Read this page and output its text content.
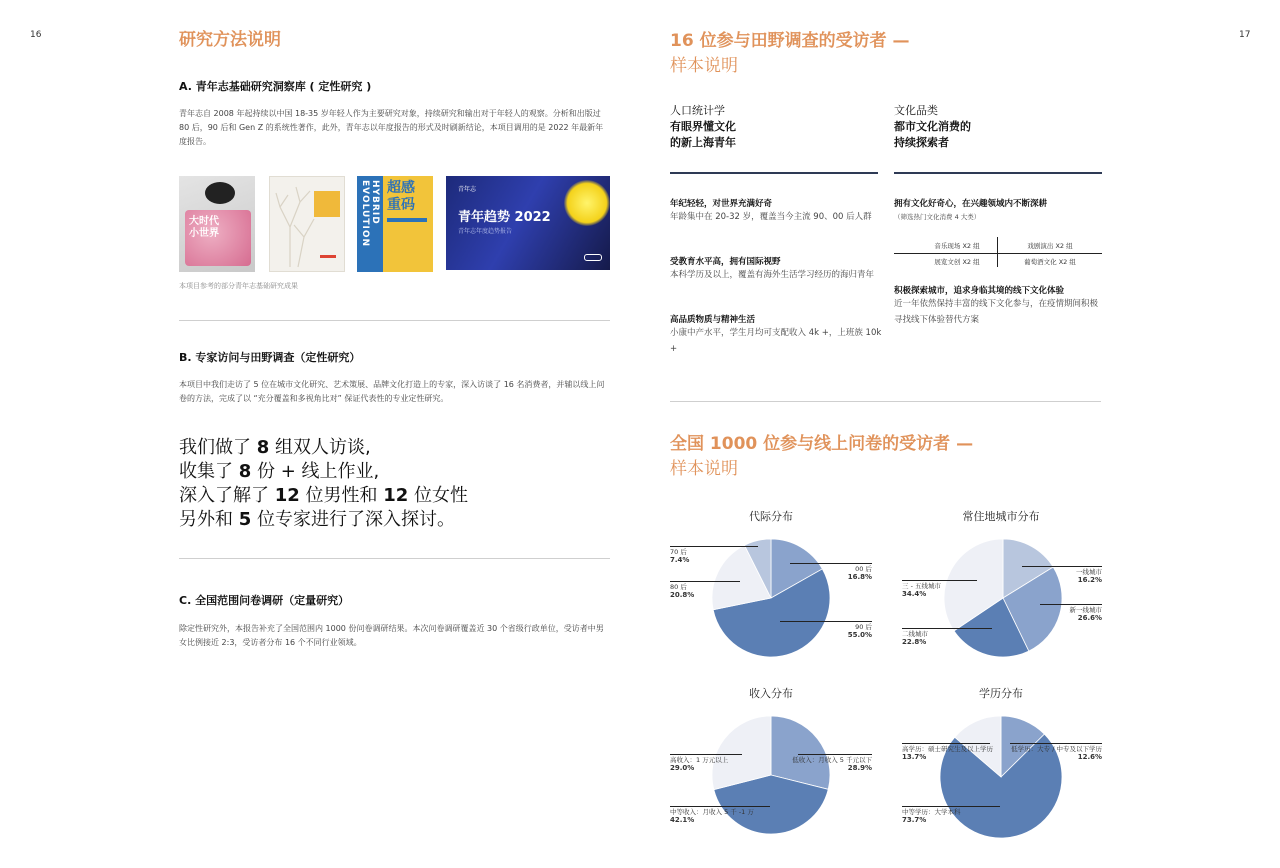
16	研究方法说明
A. 青年志基础研究洞察库 ( 定性研究 )
青年志自 2008 年起持续以中国 18-35 岁年轻人作为主要研究对象，持续研究和输出对于年轻人的观察。分析和出版过 80 后，90 后和 Gen Z 的系统性著作，此外，青年志以年度报告的形式及时刷新结论，本项目调用的是 2022 年最新年度报告。
大时代 小世界
HYBRID EVOLUTION	超感 重码
青年志
青年趋势 2022
青年志年度趋势报告
本项目参考的部分青年志基础研究成果
B. 专家访问与田野调查（定性研究）
本项目中我们走访了 5 位在城市文化研究、艺术策展、品牌文化打造上的专家，深入访谈了 16 名消费者，并辅以线上问卷的方法，完成了以 “充分覆盖和多视角比对” 保证代表性的专业定性研究。
我们做了 8 组双人访谈,
收集了 8 份 + 线上作业,
深入了解了 12 位男性和 12 位女性
另外和 5 位专家进行了深入探讨。
C. 全国范围问卷调研（定量研究）
除定性研究外，本报告补充了全国范围内 1000 份问卷调研结果。本次问卷调研覆盖近 30 个省级行政单位，受访者中男女比例接近 2:3，受访者分布 16 个不同行业领域。
17
16 位参与田野调查的受访者 —
样本说明
人口统计学
有眼界懂文化
的新上海青年
年纪轻轻，对世界充满好奇
年龄集中在 20-32 岁，覆盖当今主流 90、00 后人群
受教育水平高，拥有国际视野
本科学历及以上，覆盖有海外生活学习经历的海归青年
高品质物质与精神生活
小康中产水平，学生月均可支配收入 4k +，上班族 10k +
文化品类
都市文化消费的
持续探索者
拥有文化好奇心，在兴趣领域内不断深耕
（筛选热门文化消费 4 大类）
音乐现场 X2 组	戏剧演出 X2 组
展览文创 X2 组	葡萄酒文化 X2 组
积极探索城市，追求身临其境的线下文化体验
近一年依然保持丰富的线下文化参与，在疫情期间积极寻找线下体验替代方案
全国 1000 位参与线上问卷的受访者 —
样本说明
代际分布	常住地城市分布
收入分布	学历分布
70 后
7.4%
80 后
20.8%
00 后
16.8%
90 后
55.0%
一线城市
16.2%
新一线城市
26.6%
三 - 五线城市
34.4%
二线城市
22.8%
高收入：1 万元以上
29.0%
低收入：月收入 5 千元以下
28.9%
中等收入：月收入 5 千 -1 万
42.1%
高学历：硕士研究生及以上学历
13.7%
低学历：大专 / 中专及以下学历
12.6%
中等学历：大学本科
73.7%
